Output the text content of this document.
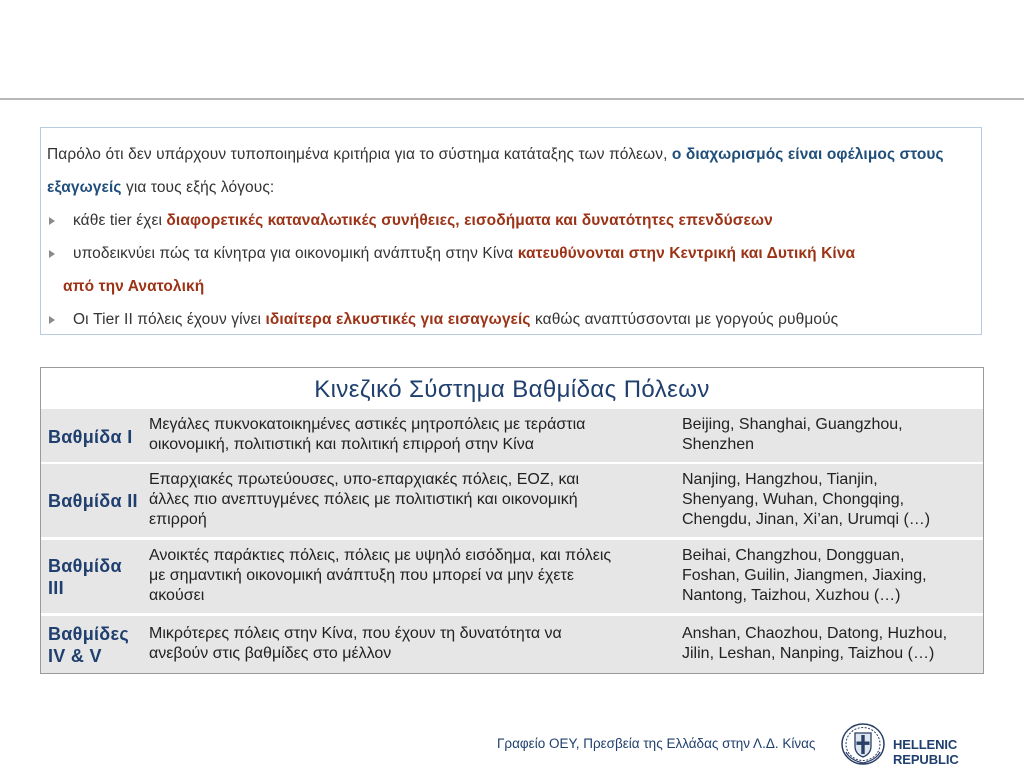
Παρόλο ότι δεν υπάρχουν τυποποιημένα κριτήρια για το σύστημα κατάταξης των πόλεων, ο διαχωρισμός είναι οφέλιμος στους εξαγωγείς για τους εξής λόγους:

κάθε tier έχει διαφορετικές καταναλωτικές συνήθειες, εισοδήματα και δυνατότητες επενδύσεων

υποδεικνύει πώς τα κίνητρα για οικονομική ανάπτυξη στην Κίνα κατευθύνονται στην Κεντρική και Δυτική Κίνα

από την Ανατολική

Οι Tier II πόλεις έχουν γίνει ιδιαίτερα ελκυστικές για εισαγωγείς καθώς αναπτύσσονται με γοργούς ρυθμούς

Κινεζικό Σύστημα Βαθμίδας Πόλεων
Βαθμίδα I
Μεγάλες πυκνοκατοικημένες αστικές μητροπόλεις με τεράστια
οικονομική, πολιτιστική και πολιτική επιρροή στην Κίνα
Beijing, Shanghai, Guangzhou,
Shenzhen
Βαθμίδα II
Επαρχιακές πρωτεύουσες, υπο-επαρχιακές πόλεις, ΕΟΖ, και
άλλες πιο ανεπτυγμένες πόλεις με πολιτιστική και οικονομική
επιρροή
Nanjing, Hangzhou, Tianjin,
Shenyang, Wuhan, Chongqing,
Chengdu, Jinan, Xi’an, Urumqi (…)
Βαθμίδα
III
Ανοικτές παράκτιες πόλεις, πόλεις με υψηλό εισόδημα, και πόλεις
με σημαντική οικονομική ανάπτυξη που μπορεί να μην έχετε
ακούσει
Beihai, Changzhou, Dongguan,
Foshan, Guilin, Jiangmen, Jiaxing,
Nantong, Taizhou, Xuzhou (…)
Βαθμίδες
IV & V
Μικρότερες πόλεις στην Κίνα, που έχουν τη δυνατότητα να
ανεβούν στις βαθμίδες στο μέλλον
Anshan, Chaozhou, Datong, Huzhou,
Jilin, Leshan, Nanping, Taizhou (…)
Γραφείο ΟΕΥ, Πρεσβεία της Ελλάδας στην Λ.Δ. Κίνας	HELLENIC REPUBLIC
